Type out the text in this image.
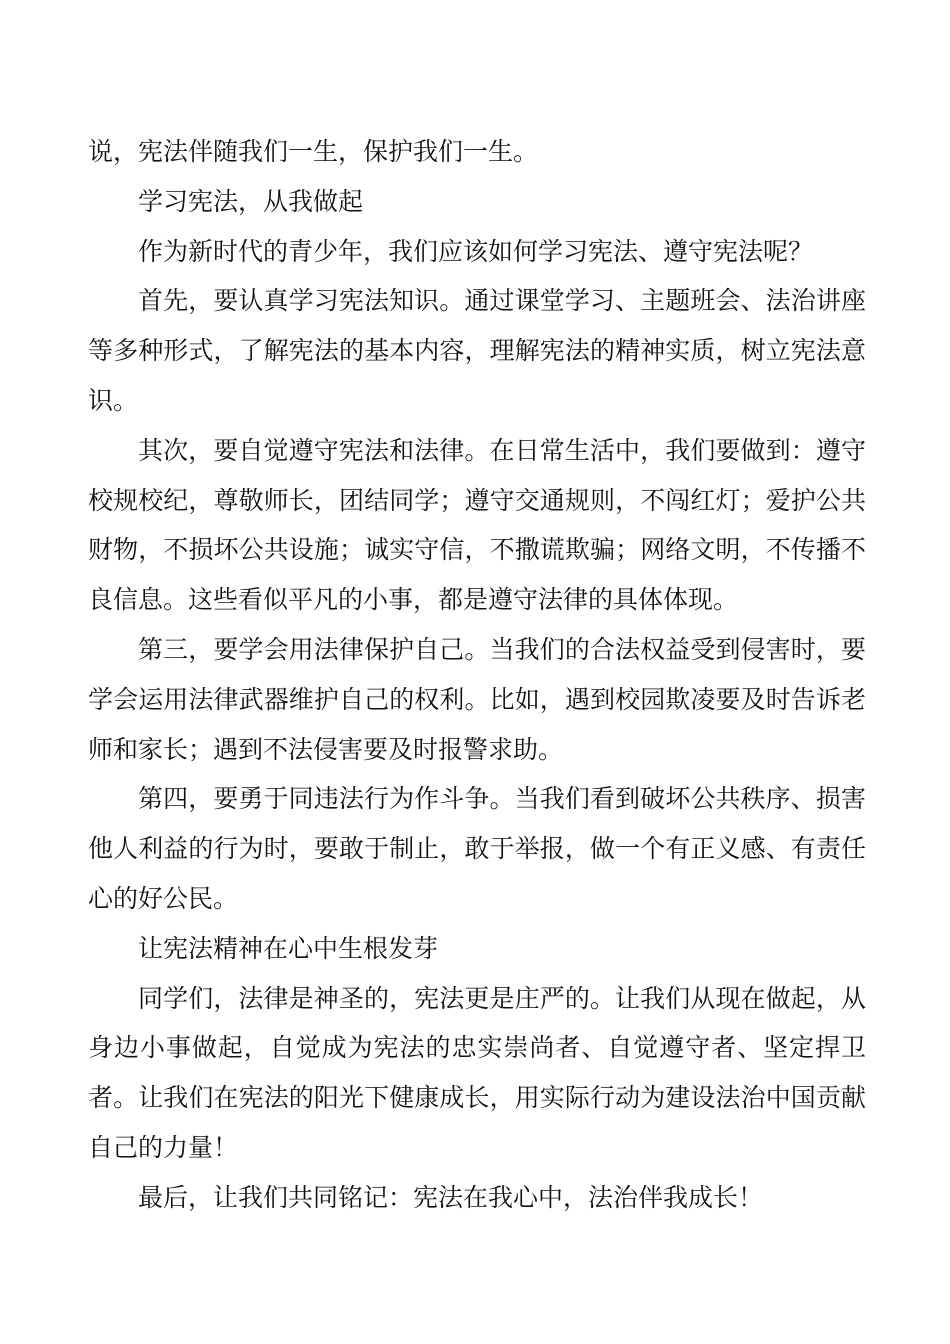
说，宪法伴随我们一生，保护我们一生。

学习宪法，从我做起

作为新时代的青少年，我们应该如何学习宪法、遵守宪法呢？

首先，要认真学习宪法知识。通过课堂学习、主题班会、法治讲座等多种形式，了解宪法的基本内容，理解宪法的精神实质，树立宪法意识。

其次，要自觉遵守宪法和法律。在日常生活中，我们要做到：遵守校规校纪，尊敬师长，团结同学；遵守交通规则，不闯红灯；爱护公共财物，不损坏公共设施；诚实守信，不撒谎欺骗；网络文明，不传播不良信息。这些看似平凡的小事，都是遵守法律的具体体现。

第三，要学会用法律保护自己。当我们的合法权益受到侵害时，要学会运用法律武器维护自己的权利。比如，遇到校园欺凌要及时告诉老师和家长；遇到不法侵害要及时报警求助。

第四，要勇于同违法行为作斗争。当我们看到破坏公共秩序、损害他人利益的行为时，要敢于制止，敢于举报，做一个有正义感、有责任心的好公民。

让宪法精神在心中生根发芽

同学们，法律是神圣的，宪法更是庄严的。让我们从现在做起，从身边小事做起，自觉成为宪法的忠实崇尚者、自觉遵守者、坚定捍卫者。让我们在宪法的阳光下健康成长，用实际行动为建设法治中国贡献自己的力量！

最后，让我们共同铭记：宪法在我心中，法治伴我成长！
